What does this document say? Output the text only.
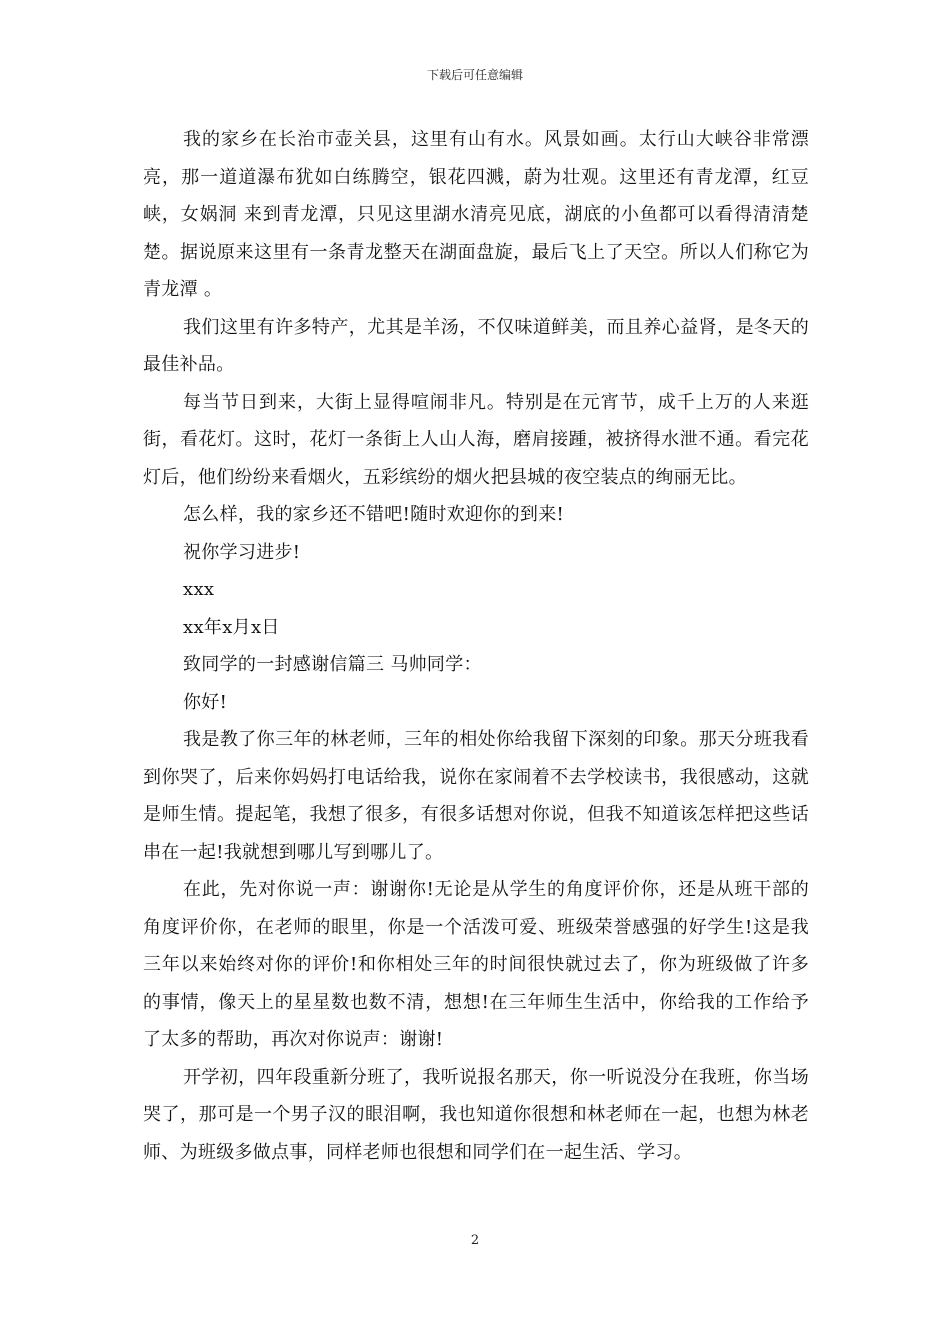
下载后可任意编辑

我的家乡在长治市壶关县，这里有山有水。风景如画。太行山大峡谷非常漂亮，那一道道瀑布犹如白练腾空，银花四溅，蔚为壮观。这里还有青龙潭，红豆峡，女娲洞 来到青龙潭，只见这里湖水清亮见底，湖底的小鱼都可以看得清清楚楚。据说原来这里有一条青龙整天在湖面盘旋，最后飞上了天空。所以人们称它为 青龙潭 。

我们这里有许多特产，尤其是羊汤，不仅味道鲜美，而且养心益肾，是冬天的最佳补品。

每当节日到来，大街上显得喧闹非凡。特别是在元宵节，成千上万的人来逛街，看花灯。这时，花灯一条街上人山人海，磨肩接踵，被挤得水泄不通。看完花灯后，他们纷纷来看烟火，五彩缤纷的烟火把县城的夜空装点的绚丽无比。

怎么样，我的家乡还不错吧!随时欢迎你的到来!

祝你学习进步!

xxx

xx年x月x日

致同学的一封感谢信篇三 马帅同学：

你好!

我是教了你三年的林老师，三年的相处你给我留下深刻的印象。那天分班我看到你哭了，后来你妈妈打电话给我，说你在家闹着不去学校读书，我很感动，这就是师生情。提起笔，我想了很多，有很多话想对你说，但我不知道该怎样把这些话串在一起!我就想到哪儿写到哪儿了。

在此，先对你说一声：谢谢你!无论是从学生的角度评价你，还是从班干部的角度评价你，在老师的眼里，你是一个活泼可爱、班级荣誉感强的好学生!这是我三年以来始终对你的评价!和你相处三年的时间很快就过去了，你为班级做了许多的事情，像天上的星星数也数不清，想想!在三年师生生活中，你给我的工作给予了太多的帮助，再次对你说声：谢谢!

开学初，四年段重新分班了，我听说报名那天，你一听说没分在我班，你当场哭了，那可是一个男子汉的眼泪啊，我也知道你很想和林老师在一起，也想为林老师、为班级多做点事，同样老师也很想和同学们在一起生活、学习。

2
